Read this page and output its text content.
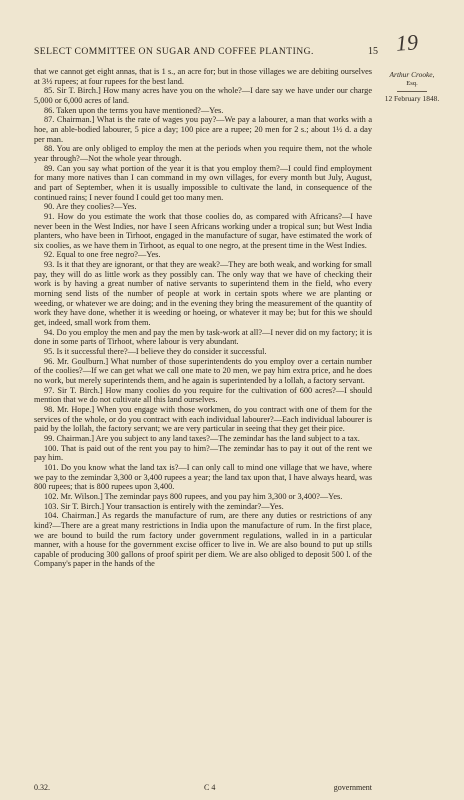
SELECT COMMITTEE ON SUGAR AND COFFEE PLANTING.	15 19
Arthur Crooke,
Esq.
12 February 1848.

that we cannot get eight annas, that is 1 s., an acre for; but in those villages we are debiting ourselves at 3½ rupees; at four rupees for the best land.

85. Sir T. Birch.] How many acres have you on the whole?—I dare say we have under our charge 5,000 or 6,000 acres of land.

86. Taken upon the terms you have mentioned?—Yes.

87. Chairman.] What is the rate of wages you pay?—We pay a labourer, a man that works with a hoe, an able-bodied labourer, 5 pice a day; 100 pice are a rupee; 20 men for 2 s.; about 1½ d. a day per man.

88. You are only obliged to employ the men at the periods when you require them, not the whole year through?—Not the whole year through.

89. Can you say what portion of the year it is that you employ them?—I could find employment for many more natives than I can command in my own villages, for every month but July, August, and part of September, when it is usually impossible to cultivate the land, in consequence of the continued rains; I never found I could get too many men.

90. Are they coolies?—Yes.

91. How do you estimate the work that those coolies do, as compared with Africans?—I have never been in the West Indies, nor have I seen Africans working under a tropical sun; but West India planters, who have been in Tirhoot, engaged in the manufacture of sugar, have estimated the work of six coolies, as we have them in Tirhoot, as equal to one negro, at the present time in the West Indies.

92. Equal to one free negro?—Yes.

93. Is it that they are ignorant, or that they are weak?—They are both weak, and working for small pay, they will do as little work as they possibly can. The only way that we have of checking their work is by having a great number of native servants to superintend them in the field, who every morning send lists of the number of people at work in certain spots where we are planting or weeding, or whatever we are doing; and in the evening they bring the measurement of the quantity of work they have done, whether it is weeding or hoeing, or whatever it may be; but for this we should get, indeed, small work from them.

94. Do you employ the men and pay the men by task-work at all?—I never did on my factory; it is done in some parts of Tirhoot, where labour is very abundant.

95. Is it successful there?—I believe they do consider it successful.

96. Mr. Goulburn.] What number of those superintendents do you employ over a certain number of the coolies?—If we can get what we call one mate to 20 men, we pay him extra price, and he does no work, but merely superintends them, and he again is superintended by a lollah, a factory servant.

97. Sir T. Birch.] How many coolies do you require for the cultivation of 600 acres?—I should mention that we do not cultivate all this land ourselves.

98. Mr. Hope.] When you engage with those workmen, do you contract with one of them for the services of the whole, or do you contract with each individual labourer?—Each individual labourer is paid by the lollah, the factory servant; we are very particular in seeing that they get their pice.

99. Chairman.] Are you subject to any land taxes?—The zemindar has the land subject to a tax.

100. That is paid out of the rent you pay to him?—The zemindar has to pay it out of the rent we pay him.

101. Do you know what the land tax is?—I can only call to mind one village that we have, where we pay to the zemindar 3,300 or 3,400 rupees a year; the land tax upon that, I have always heard, was 800 rupees; that is 800 rupees upon 3,400.

102. Mr. Wilson.] The zemindar pays 800 rupees, and you pay him 3,300 or 3,400?—Yes.

103. Sir T. Birch.] Your transaction is entirely with the zemindar?—Yes.

104. Chairman.] As regards the manufacture of rum, are there any duties or restrictions of any kind?—There are a great many restrictions in India upon the manufacture of rum. In the first place, we are bound to build the rum factory under government regulations, walled in in a particular manner, with a house for the government excise officer to live in. We are also bound to put up stills capable of producing 300 gallons of proof spirit per diem. We are also obliged to deposit 500 l. of the Company's paper in the hands of the

0.32.	C 4	government
